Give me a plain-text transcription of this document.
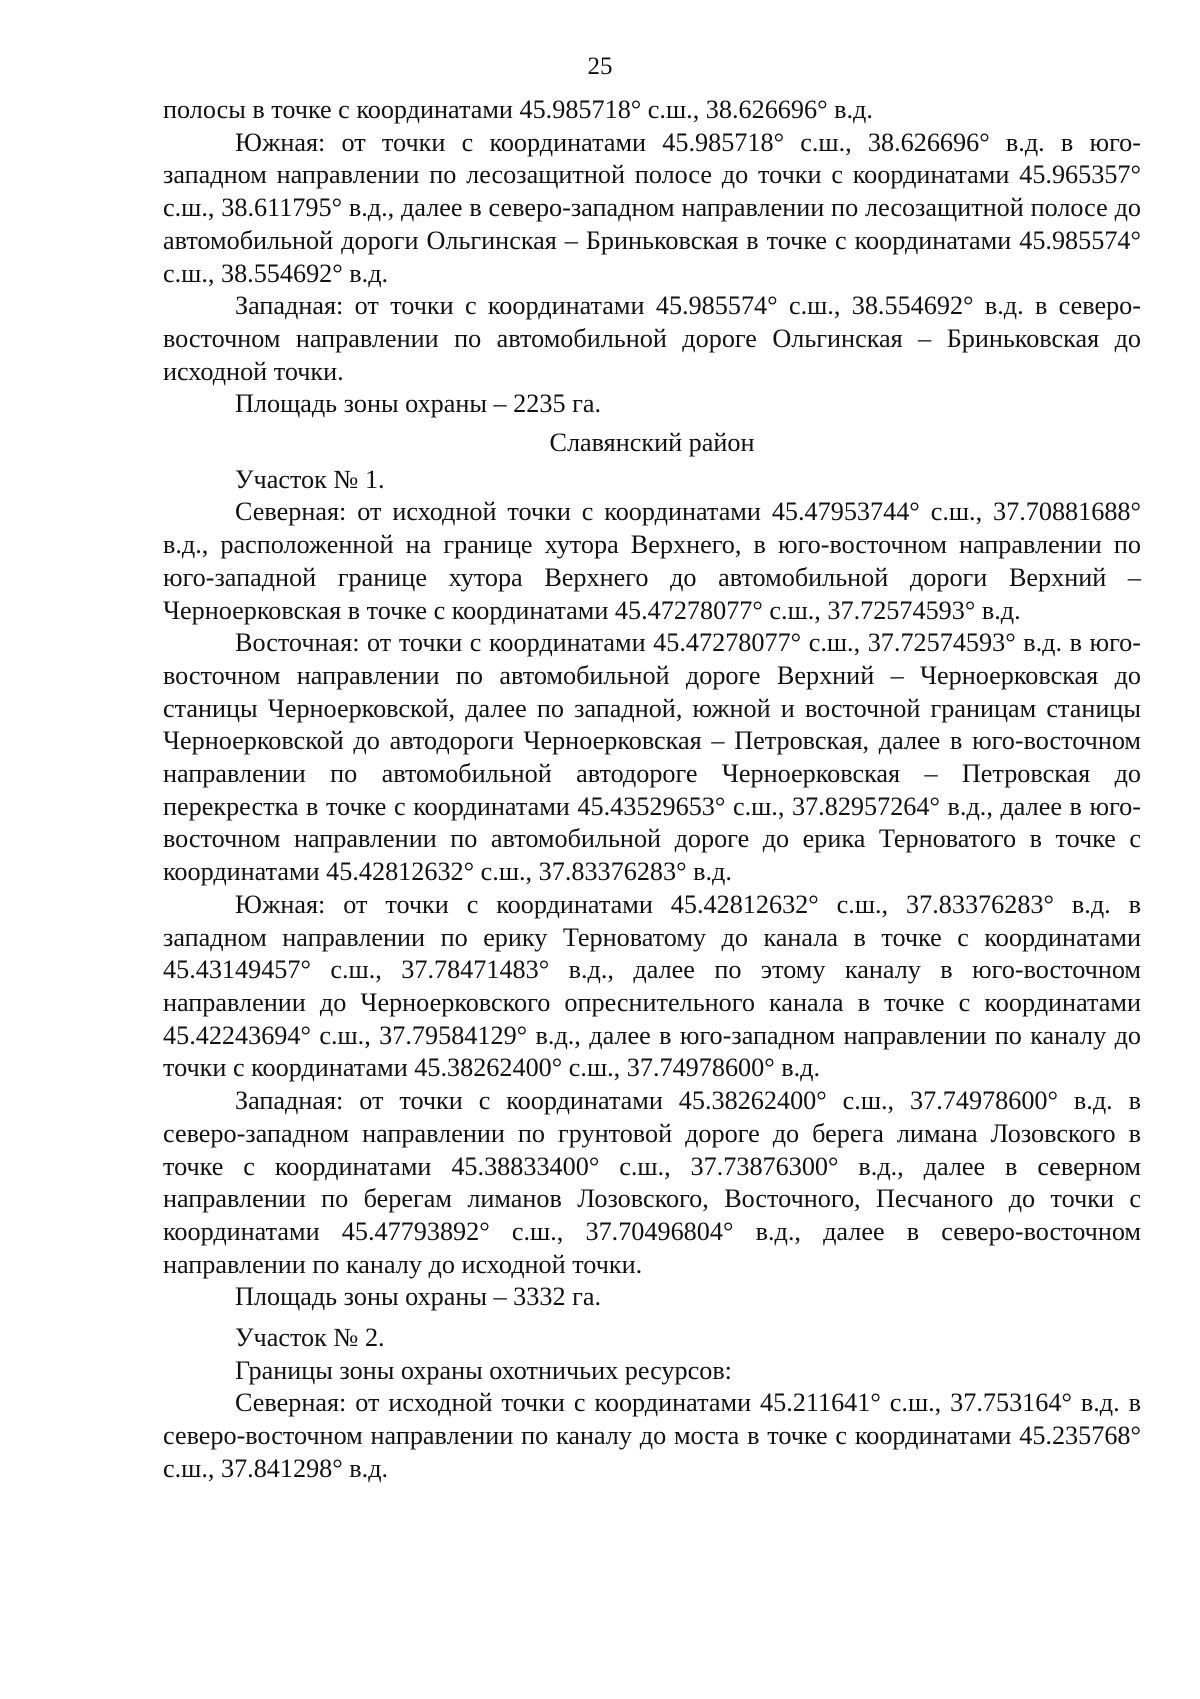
25

полосы в точке с координатами 45.985718° с.ш., 38.626696° в.д.

Южная: от точки с координатами 45.985718° с.ш., 38.626696° в.д. в юго-западном направлении по лесозащитной полосе до точки с координатами 45.965357° с.ш., 38.611795° в.д., далее в северо-западном направлении по лесозащитной полосе до автомобильной дороги Ольгинская – Бриньковская в точке с координатами 45.985574° с.ш., 38.554692° в.д.

Западная: от точки с координатами 45.985574° с.ш., 38.554692° в.д. в северо-восточном направлении по автомобильной дороге Ольгинская – Бриньковская до исходной точки.

Площадь зоны охраны – 2235 га.

Славянский район

Участок № 1.

Северная: от исходной точки с координатами 45.47953744° с.ш., 37.70881688° в.д., расположенной на границе хутора Верхнего, в юго-восточном направлении по юго-западной границе хутора Верхнего до автомобильной дороги Верхний – Черноерковская в точке с координатами 45.47278077° с.ш., 37.72574593° в.д.

Восточная: от точки с координатами 45.47278077° с.ш., 37.72574593° в.д. в юго-восточном направлении по автомобильной дороге Верхний – Черноерковская до станицы Черноерковской, далее по западной, южной и восточной границам станицы Черноерковской до автодороги Черноерковская – Петровская, далее в юго-восточном направлении по автомобильной автодороге Черноерковская – Петровская до перекрестка в точке с координатами 45.43529653° с.ш., 37.82957264° в.д., далее в юго-восточном направлении по автомобильной дороге до ерика Терноватого в точке с координатами 45.42812632° с.ш., 37.83376283° в.д.

Южная: от точки с координатами 45.42812632° с.ш., 37.83376283° в.д. в западном направлении по ерику Терноватому до канала в точке с координатами 45.43149457° с.ш., 37.78471483° в.д., далее по этому каналу в юго-восточном направлении до Черноерковского опреснительного канала в точке с координатами 45.42243694° с.ш., 37.79584129° в.д., далее в юго-западном направлении по каналу до точки с координатами 45.38262400° с.ш., 37.74978600° в.д.

Западная: от точки с координатами 45.38262400° с.ш., 37.74978600° в.д. в северо-западном направлении по грунтовой дороге до берега лимана Лозовского в точке с координатами 45.38833400° с.ш., 37.73876300° в.д., далее в северном направлении по берегам лиманов Лозовского, Восточного, Песчаного до точки с координатами 45.47793892° с.ш., 37.70496804° в.д., далее в северо-восточном направлении по каналу до исходной точки.

Площадь зоны охраны – 3332 га.

Участок № 2.

Границы зоны охраны охотничьих ресурсов:

Северная: от исходной точки с координатами 45.211641° с.ш., 37.753164° в.д. в северо-восточном направлении по каналу до моста в точке с координатами 45.235768° с.ш., 37.841298° в.д.
